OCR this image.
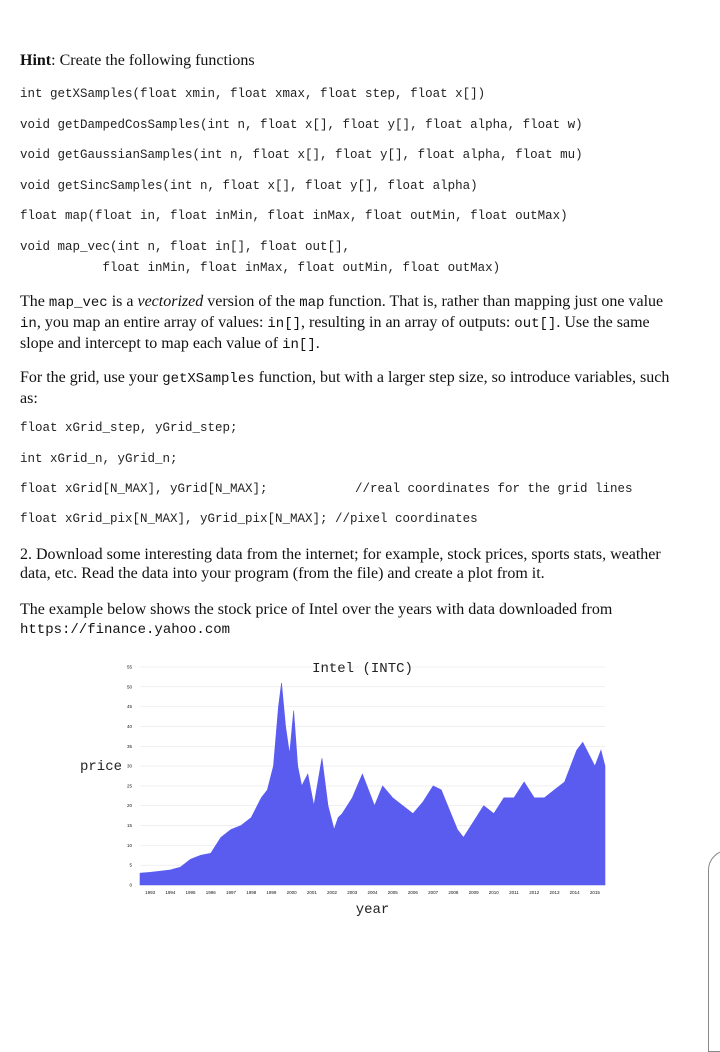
Hint: Create the following functions
int getXSamples(float xmin, float xmax, float step, float x[])
void getDampedCosSamples(int n, float x[], float y[], float alpha, float w)
void getGaussianSamples(int n, float x[], float y[], float alpha, float mu)
void getSincSamples(int n, float x[], float y[], float alpha)
float map(float in, float inMin, float inMax, float outMin, float outMax)
void map_vec(int n, float in[], float out[],
float inMin, float inMax, float outMin, float outMax)
The map_vec is a vectorized version of the map function. That is, rather than mapping just one value in, you map an entire array of values: in[], resulting in an array of outputs: out[]. Use the same slope and intercept to map each value of in[].
For the grid, use your getXSamples function, but with a larger step size, so introduce variables, such as:
float xGrid_step, yGrid_step;
int xGrid_n, yGrid_n;
float xGrid[N_MAX], yGrid[N_MAX];	//real coordinates for the grid lines
float xGrid_pix[N_MAX], yGrid_pix[N_MAX]; //pixel coordinates
2. Download some interesting data from the internet; for example, stock prices, sports stats, weather data, etc. Read the data into your program (from the file) and create a plot from it.
The example below shows the stock price of Intel over the years with data downloaded from
https://finance.yahoo.com
0
5
10
15
20
25
30
35
40
45
50
55
1993 1994 1995 1996 1997 1998 1999 2000 2001 2002 2003 2004 2005 2006 2007 2008 2009 2010 2011 2012 2013 2014 2015
Intel (INTC)
price
year
